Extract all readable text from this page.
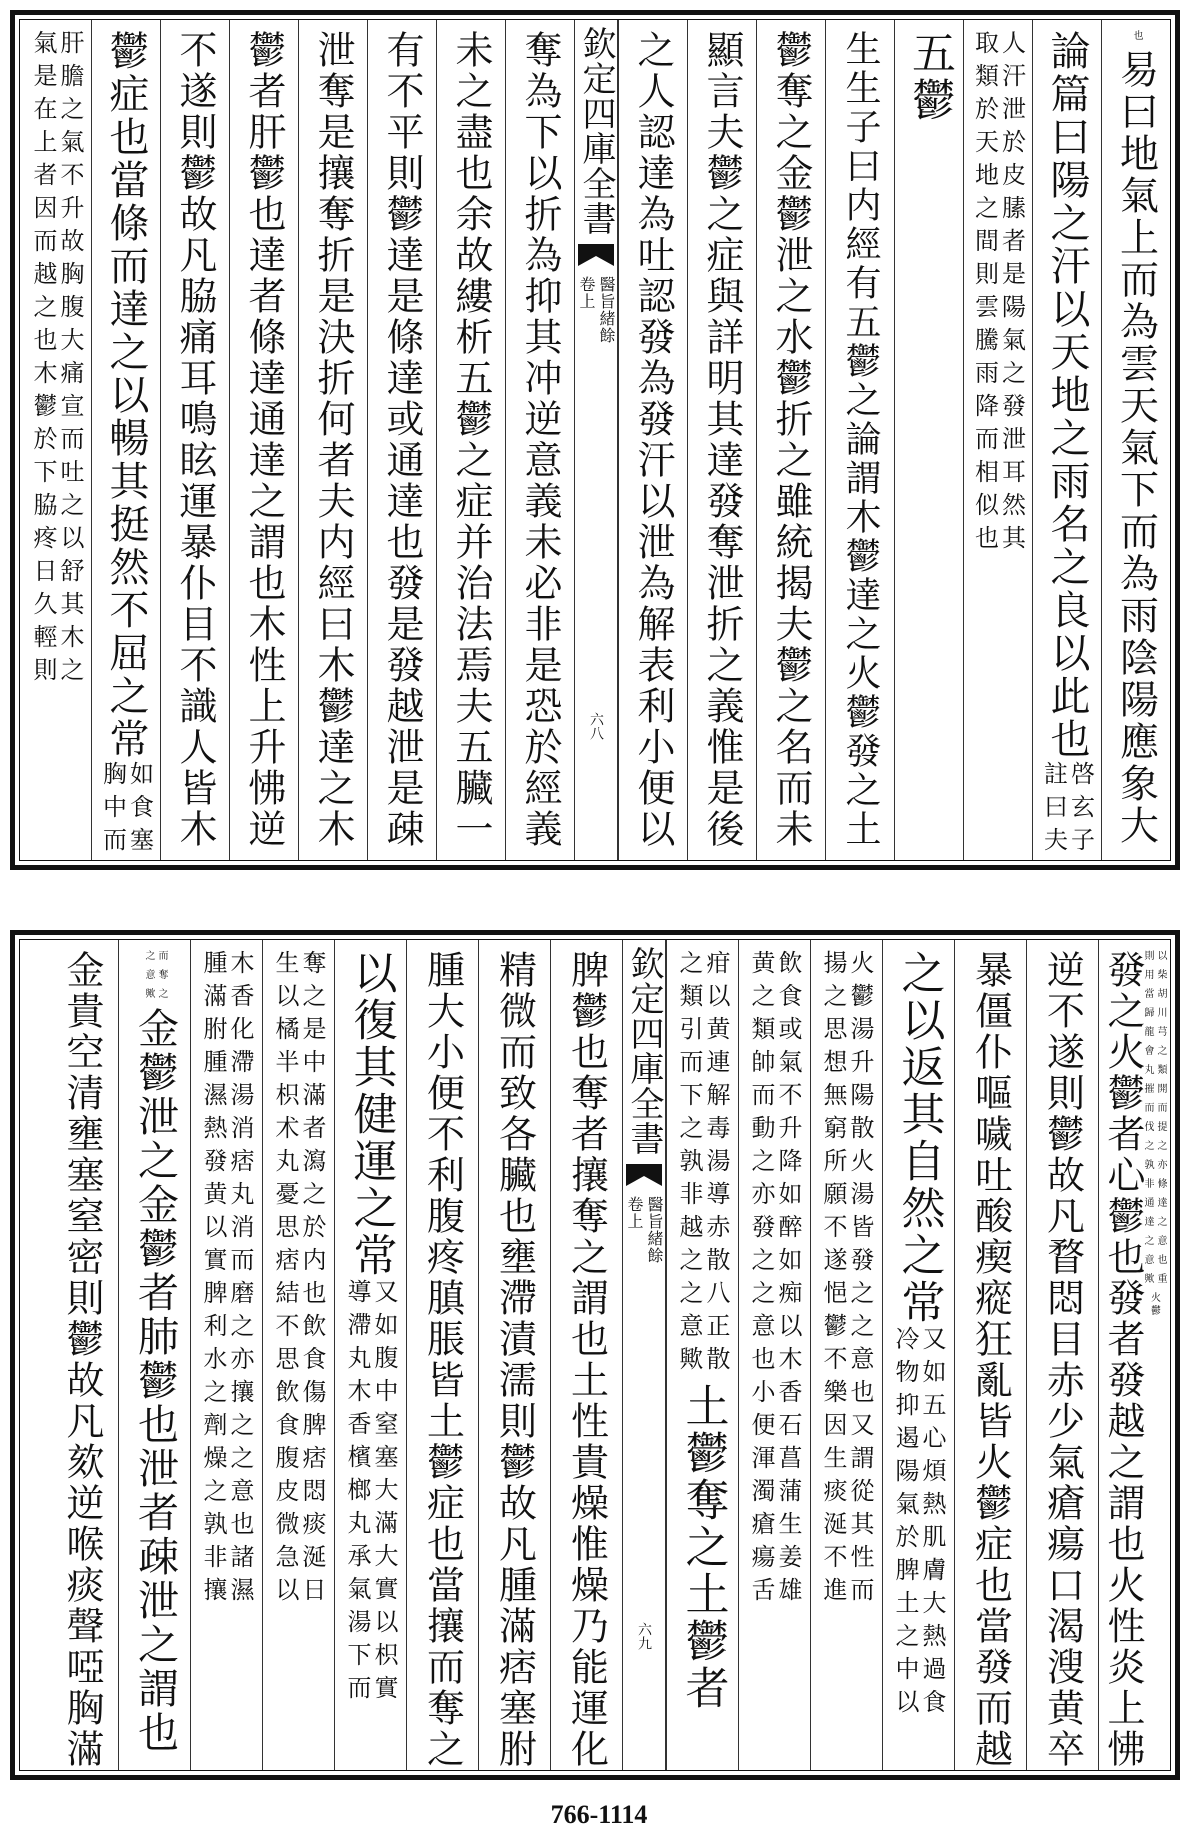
也
易曰地氣上而為雲天氣下而為雨陰陽應象大
論篇曰陽之汗以天地之雨名之良以此也
啓玄子
註曰夫
人汗泄於皮膆者是陽氣之發泄耳然其
取類於天地之間則雲騰雨降而相似也
五鬱
生生子曰内經有五鬱之論謂木鬱達之火鬱發之土
鬱奪之金鬱泄之水鬱折之雖統揭夫鬱之名而未
顯言夫鬱之症與詳明其達發奪泄折之義惟是後
之人認達為吐認發為發汗以泄為解表利小便以
欽定四庫全書
醫旨緒餘
卷上
六八
奪為下以折為抑其冲逆意義未必非是恐於經義
未之盡也余故縷析五鬱之症并治法焉夫五臟一
有不平則鬱達是條達或通達也發是發越泄是疎
泄奪是攘奪折是決折何者夫内經曰木鬱達之木
鬱者肝鬱也達者條達通達之謂也木性上升怫逆
不遂則鬱故凡脇痛耳鳴眩運暴仆目不識人皆木
鬱症也當條而達之以暢其挺然不屈之常
如食塞
胸中而
肝膽之氣不升故胸腹大痛宣而吐之以舒其木之
氣是在上者因而越之也木鬱於下脇疼日久輕則
以柴胡川芎之類開而提之亦條達之意也重
則用當歸龍會丸摧而伐之孰非通達之意歟
火鬱
發之火鬱者心鬱也發者發越之謂也火性炎上怫
逆不遂則鬱故凡瞀悶目赤少氣瘡瘍口渴溲黄卒
暴僵仆嘔噦吐酸瘈瘲狂亂皆火鬱症也當發而越
之以返其自然之常
又如五心煩熱肌膚大熱過食
冷物抑遏陽氣於脾土之中以
火鬱湯升陽散火湯皆發之之意也又謂從其性而
揚之思想無窮所願不遂悒鬱不樂因生痰涎不進
飲食或氣不升降如醉如痴以木香石菖蒲生姜雄
黄之類帥而動之亦發之之意也小便渾濁瘡瘍舌
疳以黄連解毒湯導赤散八正散
之類引而下之孰非越之之意歟
土鬱奪之土鬱者
欽定四庫全書
醫旨緒餘
卷上
六九
脾鬱也奪者攘奪之謂也土性貴燥惟燥乃能運化
精微而致各臟也壅滯漬濡則鬱故凡腫滿痞塞胕
腫大小便不利腹疼䐜脹皆土鬱症也當攘而奪之
以復其健運之常
又如腹中窒塞大滿大實以枳實
導滯丸木香檳榔丸承氣湯下而
奪之是中滿者瀉之於内也飲食傷脾痞悶痰涎日
生以橘半枳术丸憂思痞結不思飲食腹皮微急以
木香化滯湯消痞丸消而磨之亦攘之之意也諸濕
腫滿胕腫濕熱發黄以實脾利水之劑燥之孰非攘
而奪之
之意歟
金鬱泄之金鬱者肺鬱也泄者疎泄之謂也
金貴空清壅塞窒密則鬱故凡欬逆喉痰聲啞胸滿
766-1114
